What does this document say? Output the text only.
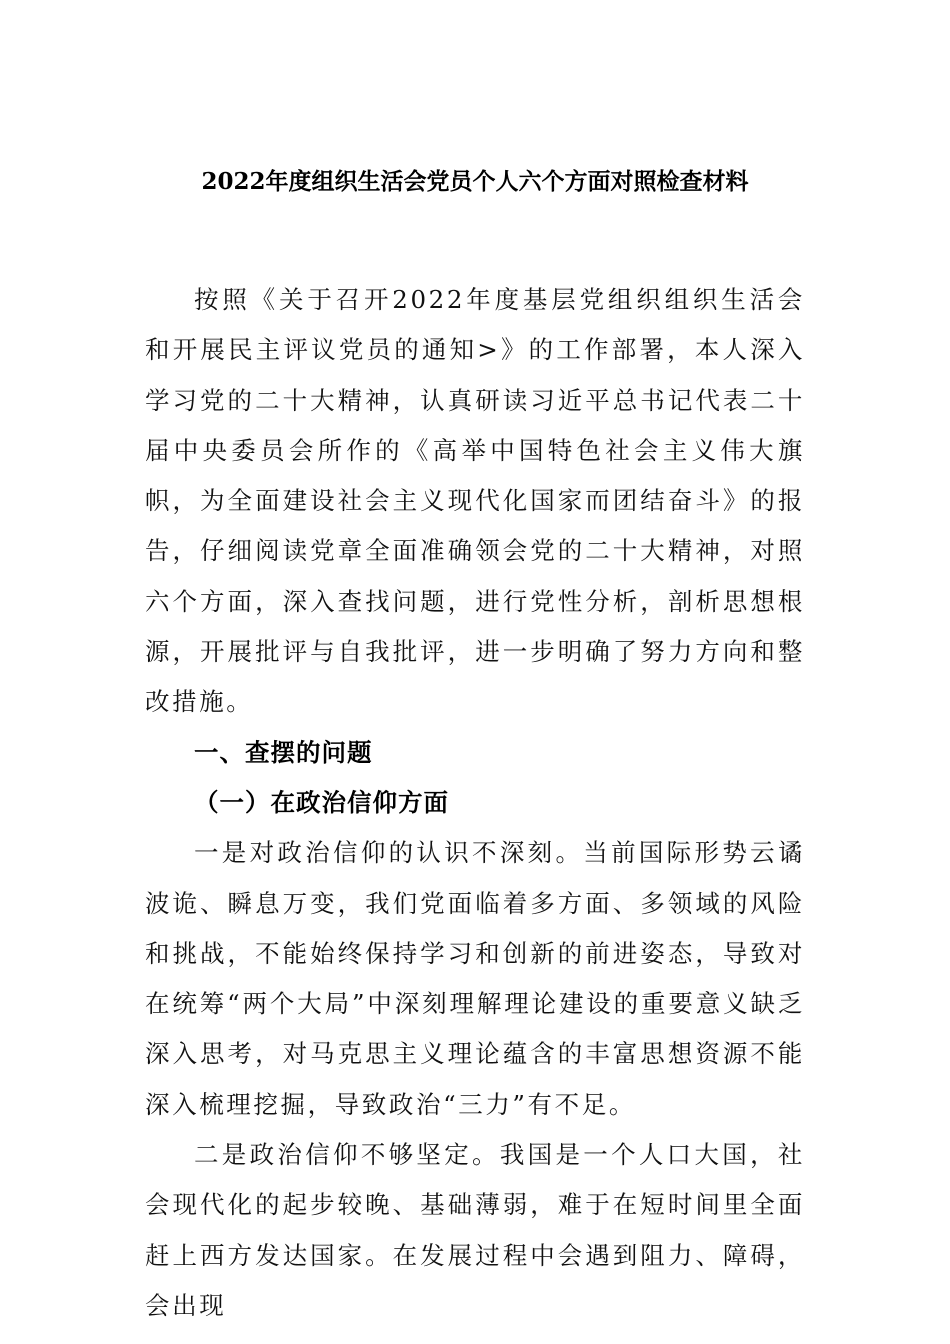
2022年度组织生活会党员个人六个方面对照检查材料

按照《关于召开2022年度基层党组织组织生活会和开展民主评议党员的通知>》的工作部署，本人深入学习党的二十大精神，认真研读习近平总书记代表二十届中央委员会所作的《高举中国特色社会主义伟大旗帜，为全面建设社会主义现代化国家而团结奋斗》的报告，仔细阅读党章全面准确领会党的二十大精神，对照六个方面，深入查找问题，进行党性分析，剖析思想根源，开展批评与自我批评，进一步明确了努力方向和整改措施。

一、查摆的问题

（一）在政治信仰方面

一是对政治信仰的认识不深刻。当前国际形势云谲波诡、瞬息万变，我们党面临着多方面、多领域的风险和挑战，不能始终保持学习和创新的前进姿态，导致对在统筹“两个大局”中深刻理解理论建设的重要意义缺乏深入思考，对马克思主义理论蕴含的丰富思想资源不能深入梳理挖掘，导致政治“三力”有不足。

二是政治信仰不够坚定。我国是一个人口大国，社会现代化的起步较晚、基础薄弱，难于在短时间里全面赶上西方发达国家。在发展过程中会遇到阻力、障碍，会出现
